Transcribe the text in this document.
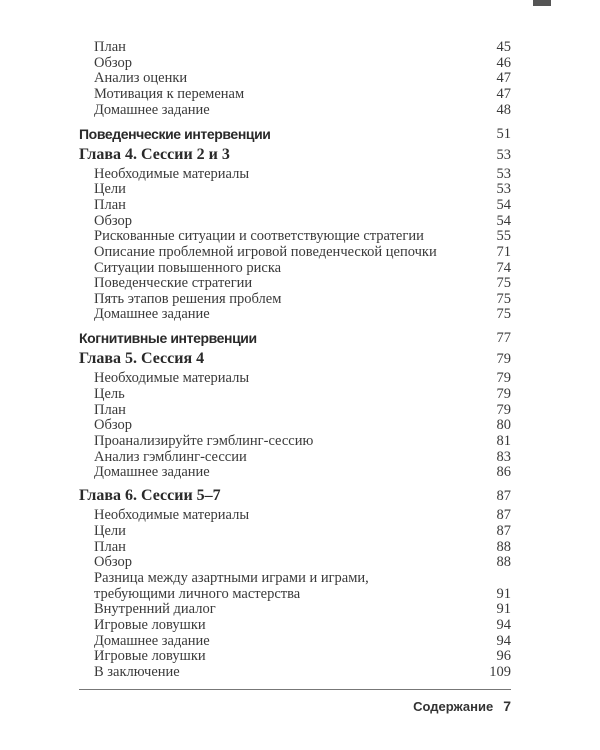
План	45
Обзор	46
Анализ оценки	47
Мотивация к переменам	47
Домашнее задание	48
Поведенческие интервенции	51
Глава 4. Сессии 2 и 3	53
Необходимые материалы	53
Цели	53
План	54
Обзор	54
Рискованные ситуации и соответствующие стратегии	55
Описание проблемной игровой поведенческой цепочки	71
Ситуации повышенного риска	74
Поведенческие стратегии	75
Пять этапов решения проблем	75
Домашнее задание	75
Когнитивные интервенции	77
Глава 5. Сессия 4	79
Необходимые материалы	79
Цель	79
План	79
Обзор	80
Проанализируйте гэмблинг-сессию	81
Анализ гэмблинг-сессии	83
Домашнее задание	86
Глава 6. Сессии 5–7	87
Необходимые материалы	87
Цели	87
План	88
Обзор	88
Разница между азартными играми и играми,
требующими личного мастерства	91
Внутренний диалог	91
Игровые ловушки	94
Домашнее задание	94
Игровые ловушки	96
В заключение	109
Содержание 7
